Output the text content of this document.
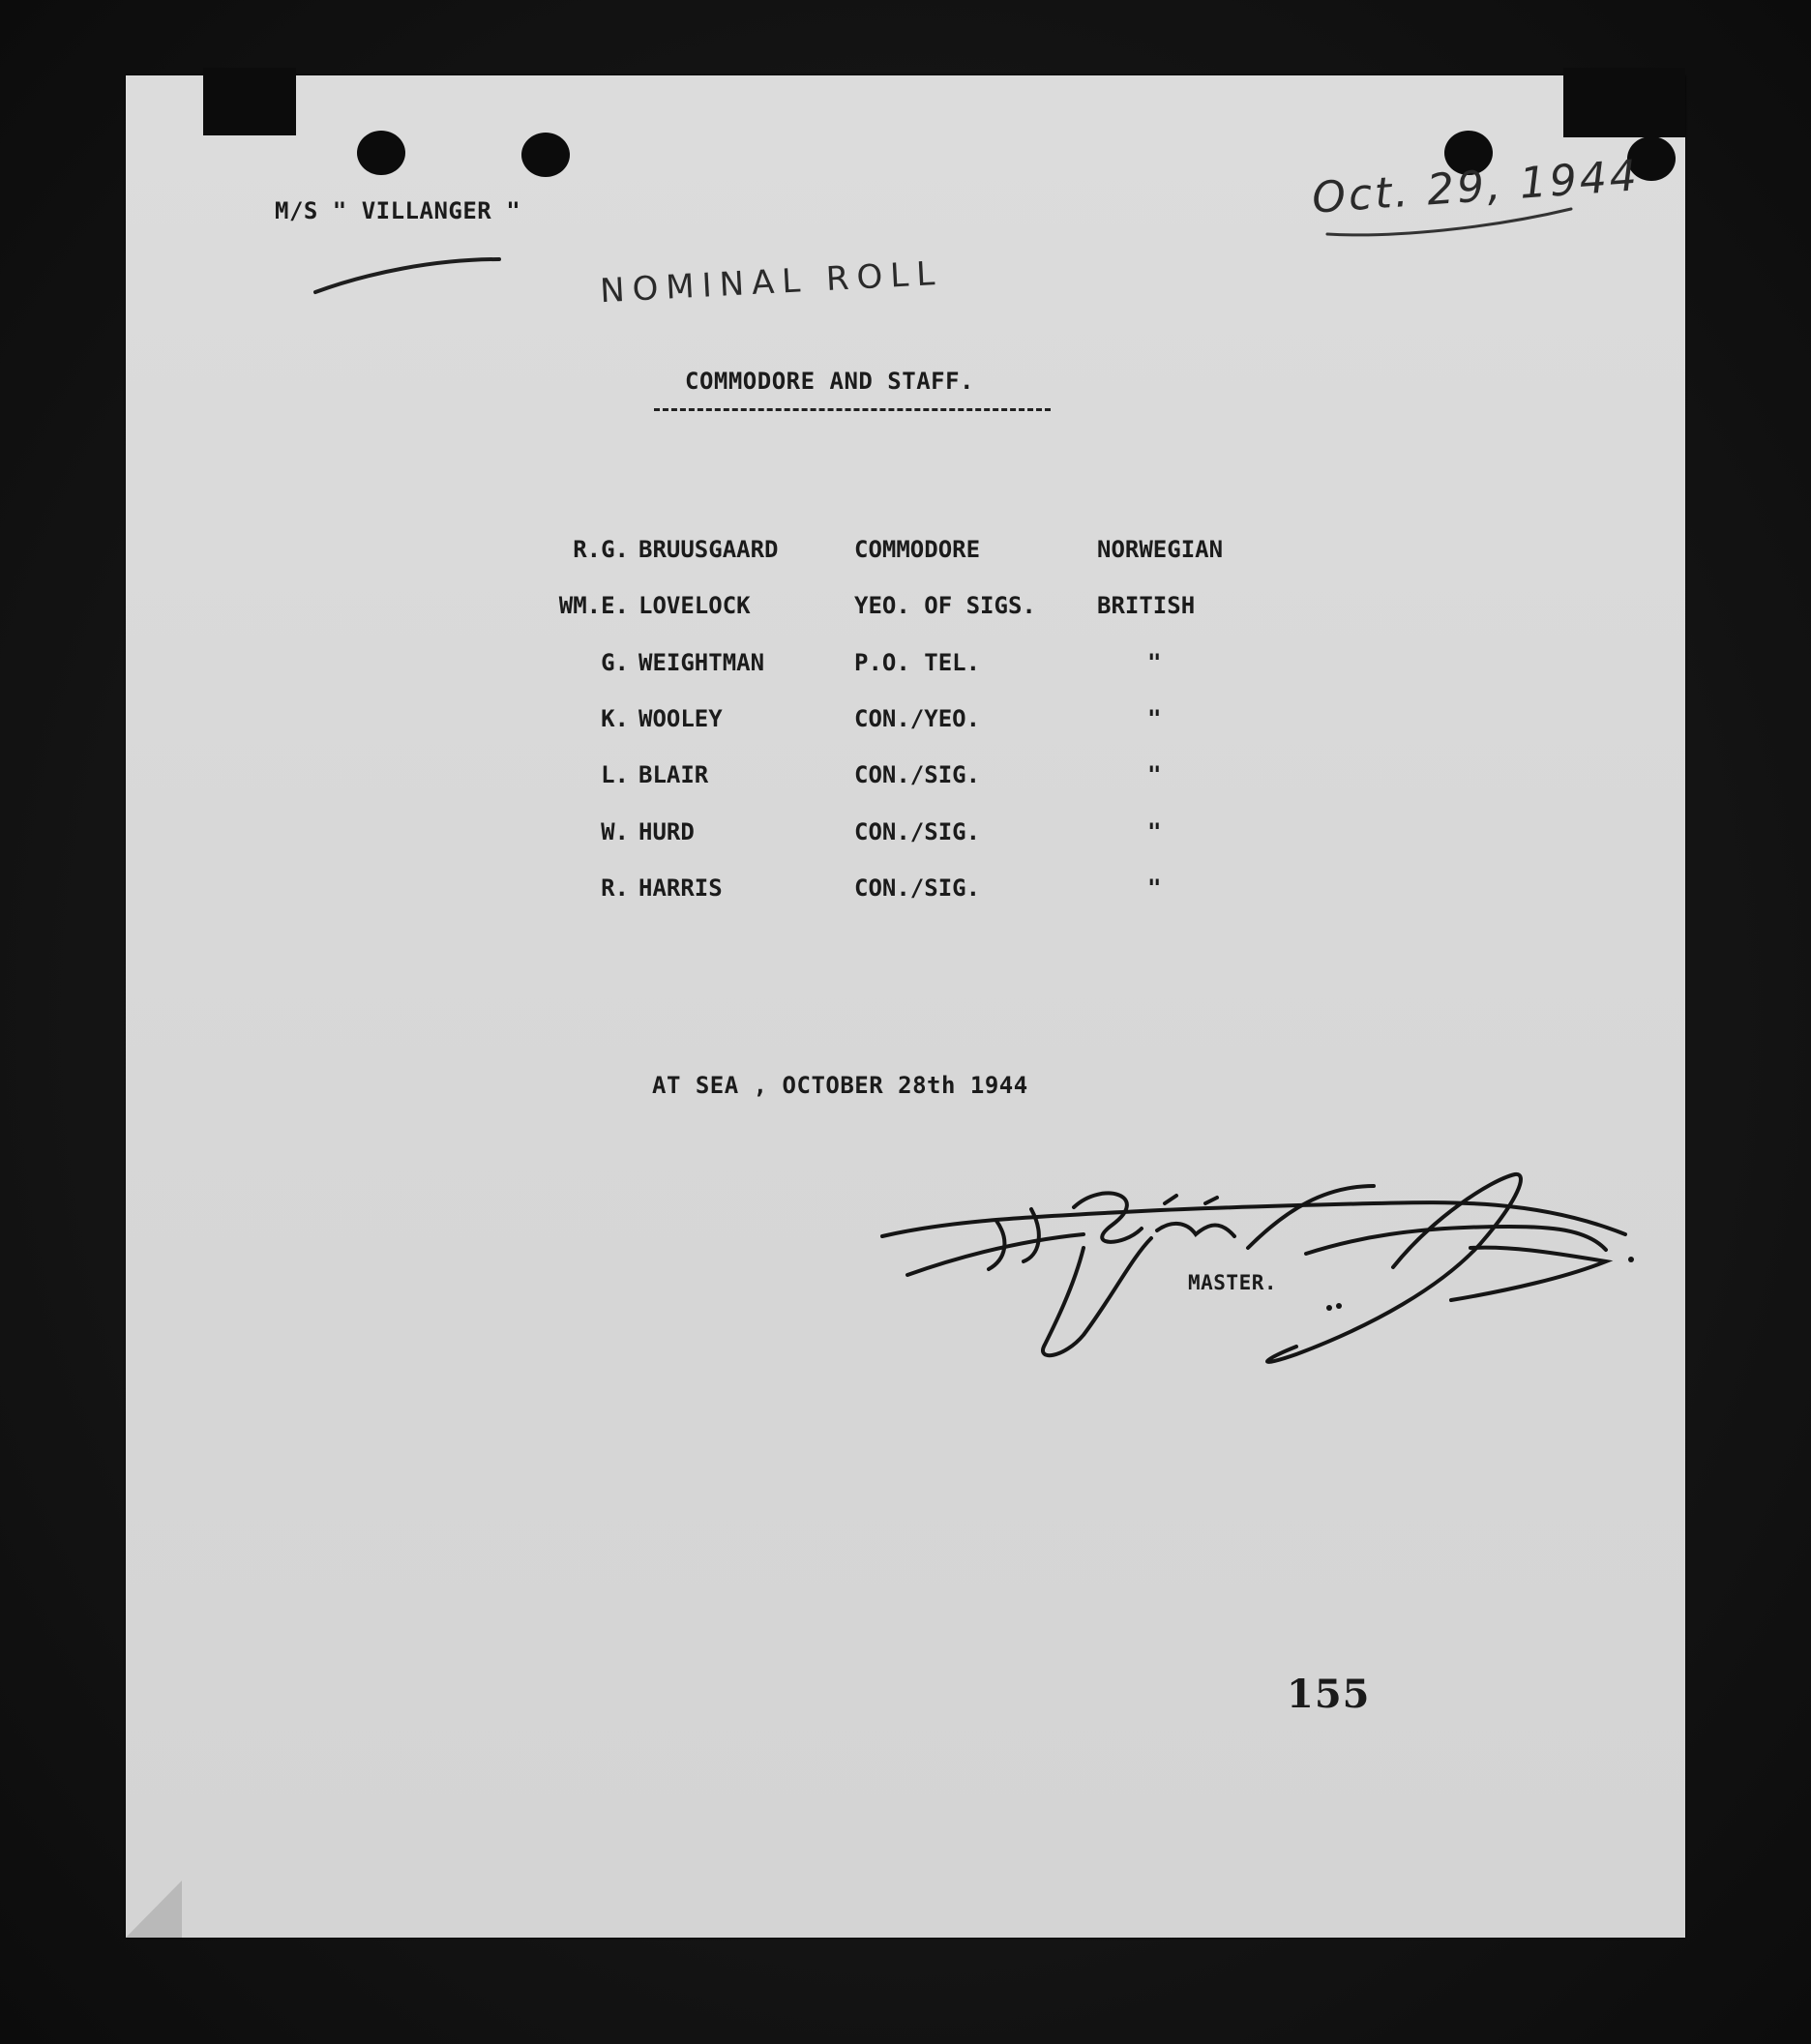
M/S " VILLANGER "	Oct. 29, 1944
NOMINAL ROLL
COMMODORE AND STAFF.
R.G. BRUUSGAARD	COMMODORE	NORWEGIAN
WM.E. LOVELOCK	YEO. OF SIGS.	BRITISH
G. WEIGHTMAN	P.O. TEL.	"
K. WOOLEY	CON./YEO.	"
L. BLAIR	CON./SIG.	"
W. HURD	CON./SIG.	"
R. HARRIS	CON./SIG.	"
AT SEA , OCTOBER 28th 1944
MASTER.
155
